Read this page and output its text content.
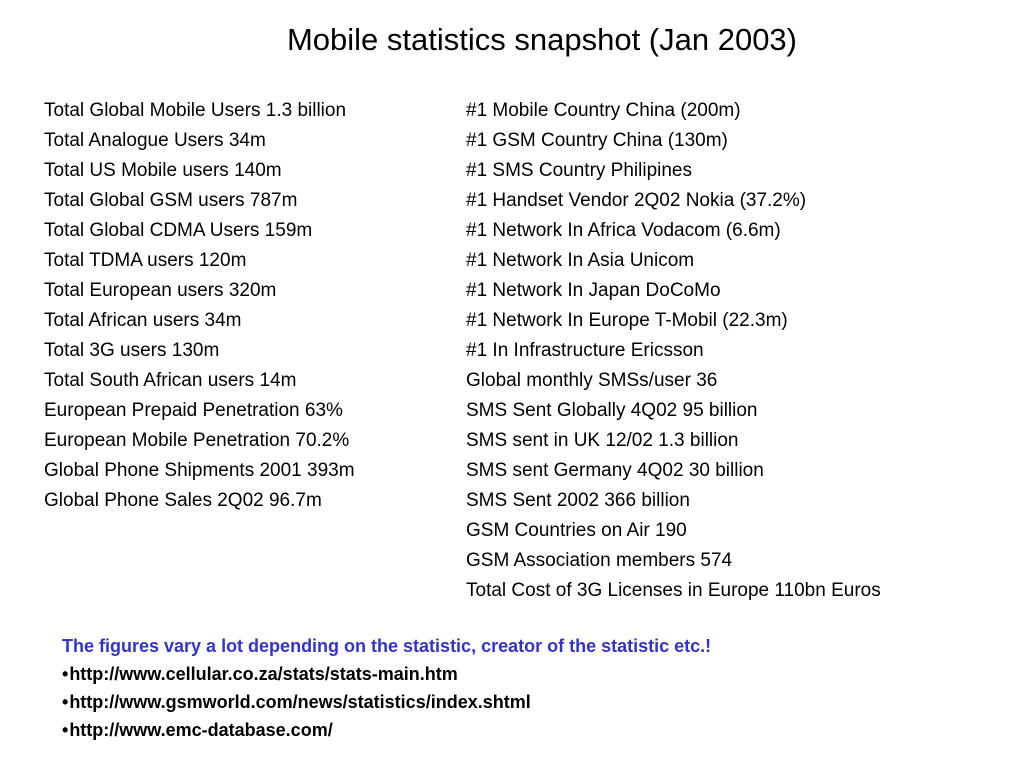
Mobile statistics snapshot (Jan 2003)
Total Global Mobile Users 1.3 billion
Total Analogue Users 34m
Total US Mobile users 140m
Total Global GSM users 787m
Total Global CDMA Users 159m
Total TDMA users 120m
Total European users 320m
Total African users 34m
Total 3G users 130m
Total South African users 14m
European Prepaid Penetration 63%
European Mobile Penetration 70.2%
Global Phone Shipments 2001 393m
Global Phone Sales 2Q02 96.7m
#1 Mobile Country China (200m)
#1 GSM Country China (130m)
#1 SMS Country Philipines
#1 Handset Vendor 2Q02 Nokia (37.2%)
#1 Network In Africa Vodacom (6.6m)
#1 Network In Asia Unicom
#1 Network In Japan DoCoMo
#1 Network In Europe T-Mobil (22.3m)
#1 In Infrastructure Ericsson
Global monthly SMSs/user 36
SMS Sent Globally 4Q02 95 billion
SMS sent in UK 12/02 1.3 billion
SMS sent Germany 4Q02 30 billion
SMS Sent 2002 366 billion
GSM Countries on Air 190
GSM Association members 574
Total Cost of 3G Licenses in Europe 110bn Euros
The figures vary a lot depending on the statistic, creator of the statistic etc.!
•http://www.cellular.co.za/stats/stats-main.htm
•http://www.gsmworld.com/news/statistics/index.shtml
•http://www.emc-database.com/
